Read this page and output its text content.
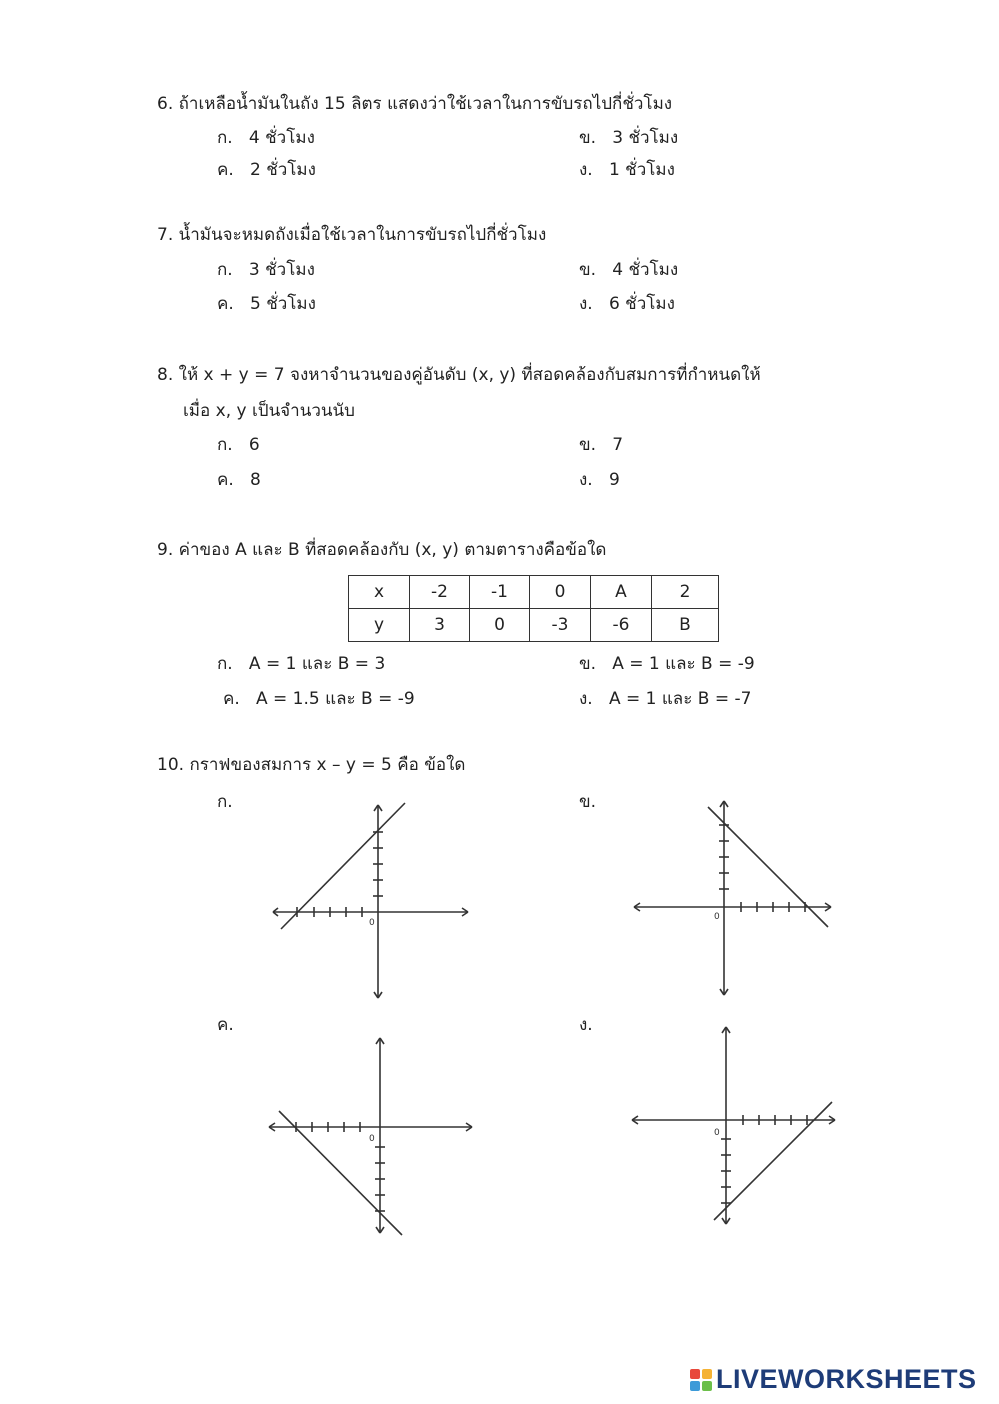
6. ถ้าเหลือน้ำมันในถัง 15 ลิตร แสดงว่าใช้เวลาในการขับรถไปกี่ชั่วโมง
ก. 4 ชั่วโมง	ข. 3 ชั่วโมง
ค. 2 ชั่วโมง	ง. 1 ชั่วโมง
7. น้ำมันจะหมดถังเมื่อใช้เวลาในการขับรถไปกี่ชั่วโมง
ก. 3 ชั่วโมง	ข. 4 ชั่วโมง
ค. 5 ชั่วโมง	ง. 6 ชั่วโมง
8. ให้ x + y = 7 จงหาจำนวนของคู่อันดับ (x, y) ที่สอดคล้องกับสมการที่กำหนดให้
เมื่อ x, y เป็นจำนวนนับ
ก. 6	ข. 7
ค. 8	ง. 9
9. ค่าของ A และ B ที่สอดคล้องกับ (x, y) ตามตารางคือข้อใด
x	-2	-1	0	A	2
y	3	0	-3	-6	B
ก. A = 1 และ B = 3	ข. A = 1 และ B = -9
ค. A = 1.5 และ B = -9	ง. A = 1 และ B = -7
10. กราฟของสมการ x – y = 5 คือ ข้อใด
ก.	ข.
ค.	ง.
0
0
0
0
LIVEWORKSHEETS
